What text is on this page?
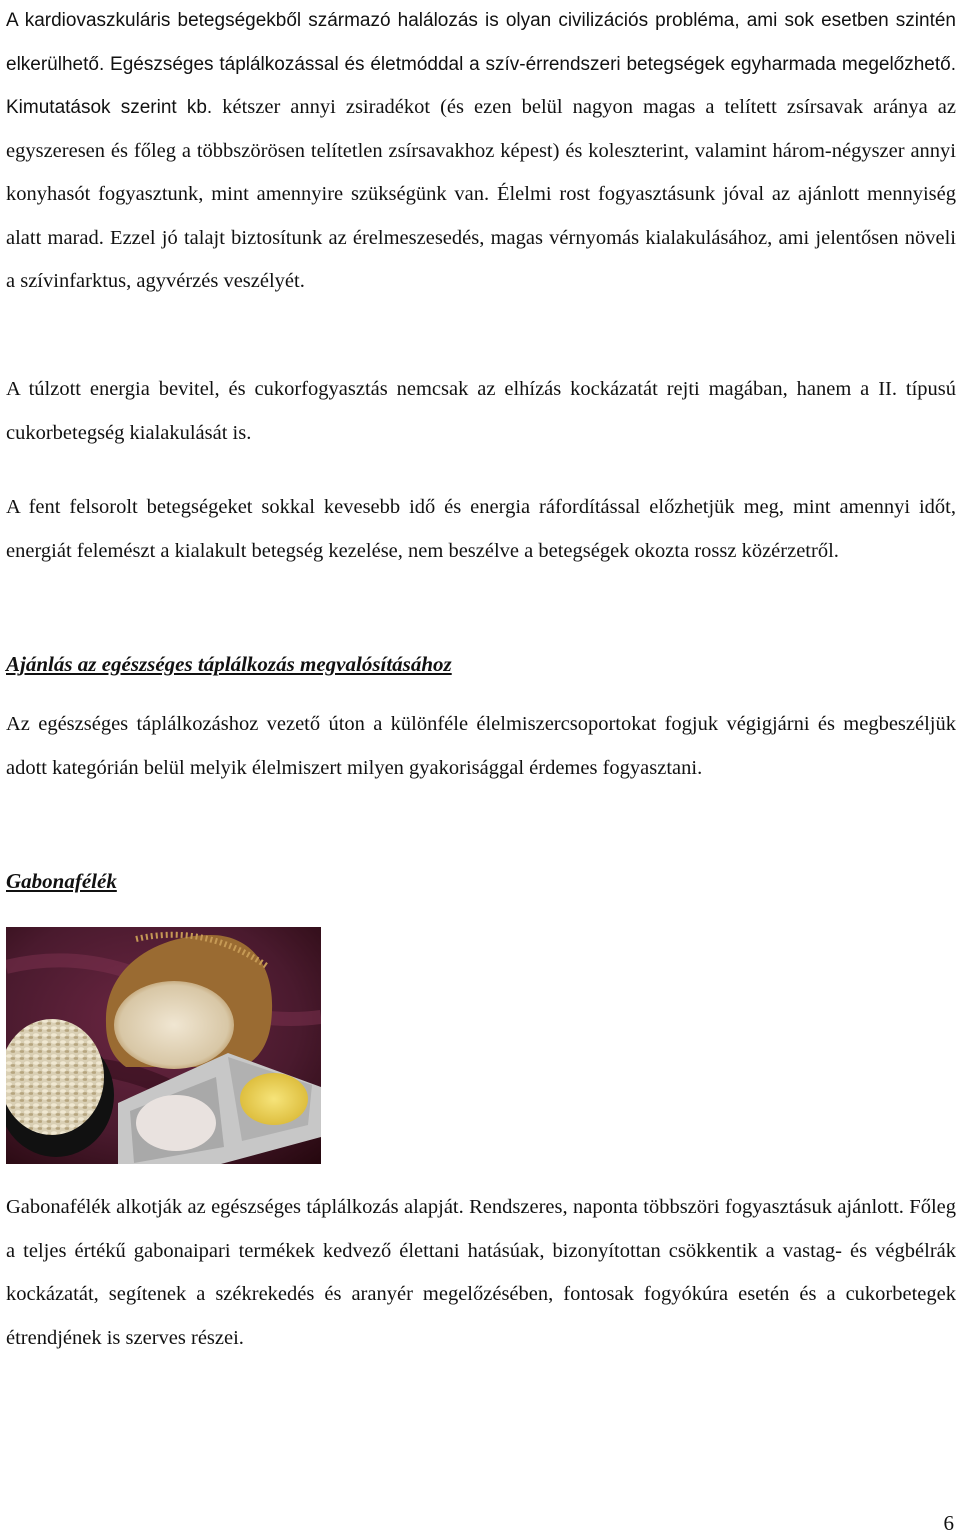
A kardiovaszkuláris betegségekből származó halálozás is olyan civilizációs probléma, ami sok esetben szintén elkerülhető. Egészséges táplálkozással és életmóddal a szív-érrendszeri betegségek egyharmada megelőzhető. Kimutatások szerint kb. kétszer annyi zsiradékot (és ezen belül nagyon magas a telített zsírsavak aránya az egyszeresen és főleg a többszörösen telítetlen zsírsavakhoz képest) és koleszterint, valamint három-négyszer annyi konyhasót fogyasztunk, mint amennyire szükségünk van. Élelmi rost fogyasztásunk jóval az ajánlott mennyiség alatt marad. Ezzel jó talajt biztosítunk az érelmeszesedés, magas vérnyomás kialakulásához, ami jelentősen növeli a szívinfarktus, agyvérzés veszélyét.

A túlzott energia bevitel, és cukorfogyasztás nemcsak az elhízás kockázatát rejti magában, hanem a II. típusú cukorbetegség kialakulását is.

A fent felsorolt betegségeket sokkal kevesebb idő és energia ráfordítással előzhetjük meg, mint amennyi időt, energiát felemészt a kialakult betegség kezelése, nem beszélve a betegségek okozta rossz közérzetről.

Ajánlás az egészséges táplálkozás megvalósításához

Az egészséges táplálkozáshoz vezető úton a különféle élelmiszercsoportokat fogjuk végigjárni és megbeszéljük adott kategórián belül melyik élelmiszert milyen gyakorisággal érdemes fogyasztani.

Gabonafélék

Gabonafélék alkotják az egészséges táplálkozás alapját. Rendszeres, naponta többszöri fogyasztásuk ajánlott. Főleg a teljes értékű gabonaipari termékek kedvező élettani hatásúak, bizonyítottan csökkentik a vastag- és végbélrák kockázatát, segítenek a székrekedés és aranyér megelőzésében, fontosak fogyókúra esetén és a cukorbetegek étrendjének is szerves részei.

6
